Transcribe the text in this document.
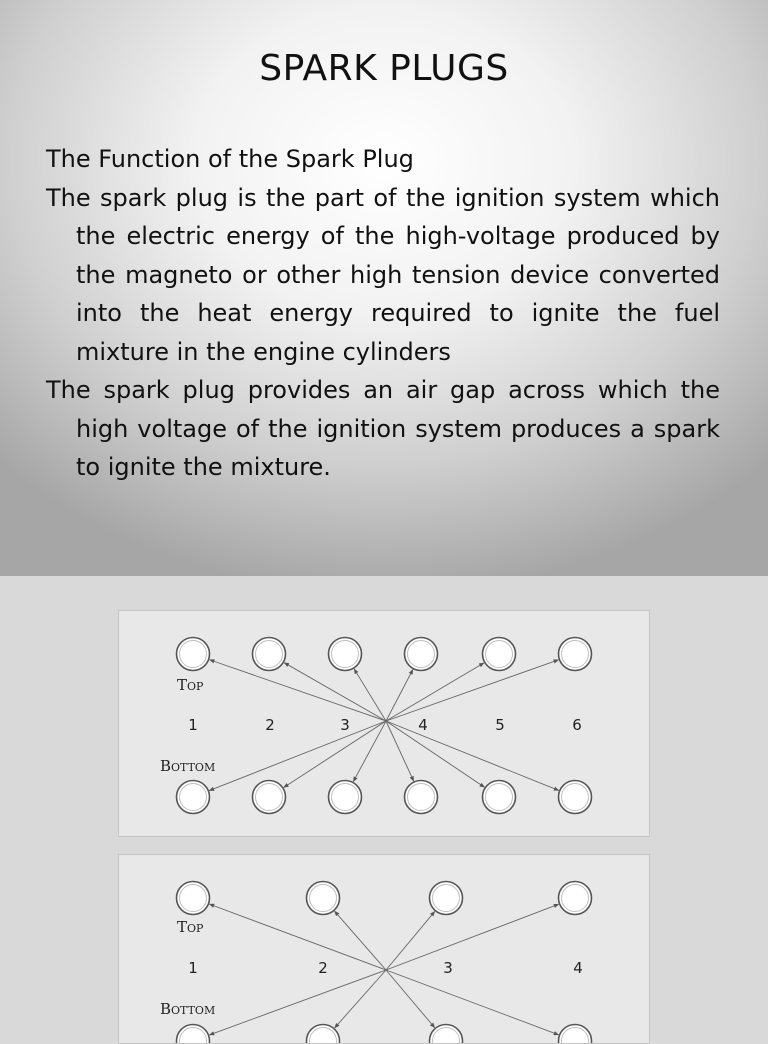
SPARK PLUGS

The Function of the Spark Plug

The spark plug is the part of the ignition system which the electric energy of the high-voltage produced by the magneto or other high tension device converted into the heat energy required to ignite the fuel mixture in the engine cylinders

The spark plug provides an air gap across which the high voltage of the ignition system produces a spark to ignite the mixture.

TOP
BOTTOM
1	2	3	4	5	6
TOP
BOTTOM
1	2	3	4
